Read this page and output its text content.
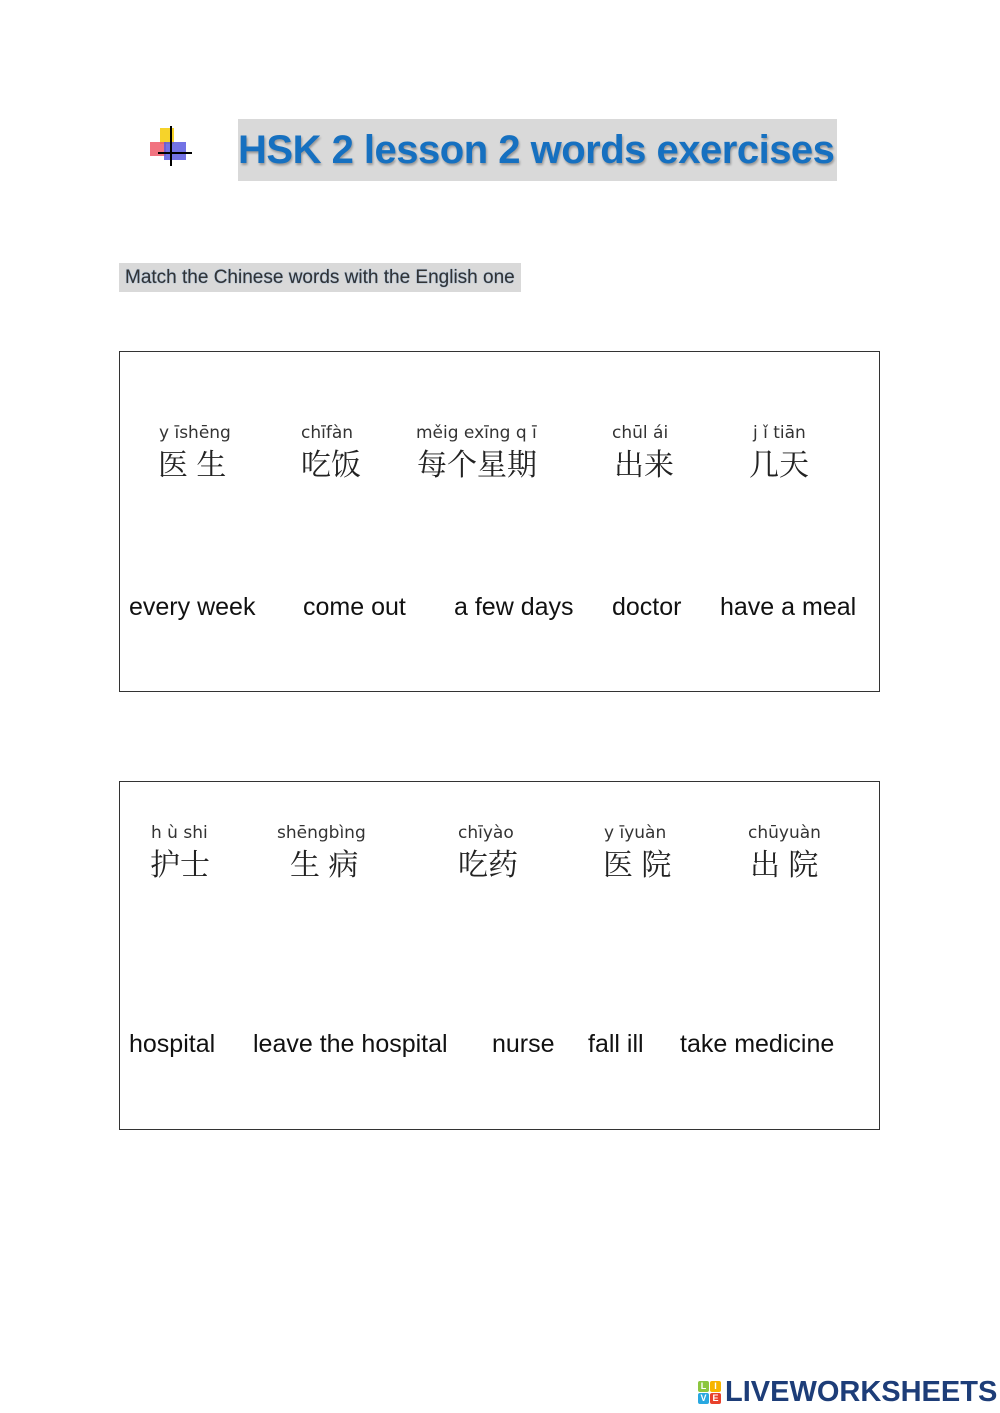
HSK 2 lesson 2 words exercises
Match the Chinese words with the English one
y īshēng
医 生
chīfàn
吃饭
měig exīng q ī
每个星期
chūl ái
出来
j ǐ tiān
几天
every week come out a few days doctor have a meal
h ù shi
护士
shēngbìng
生 病
chīyào
吃药
y īyuàn
医 院
chūyuàn
出 院
hospital leave the hospital nurse fall ill take medicine
L I
V E LIVEWORKSHEETS
